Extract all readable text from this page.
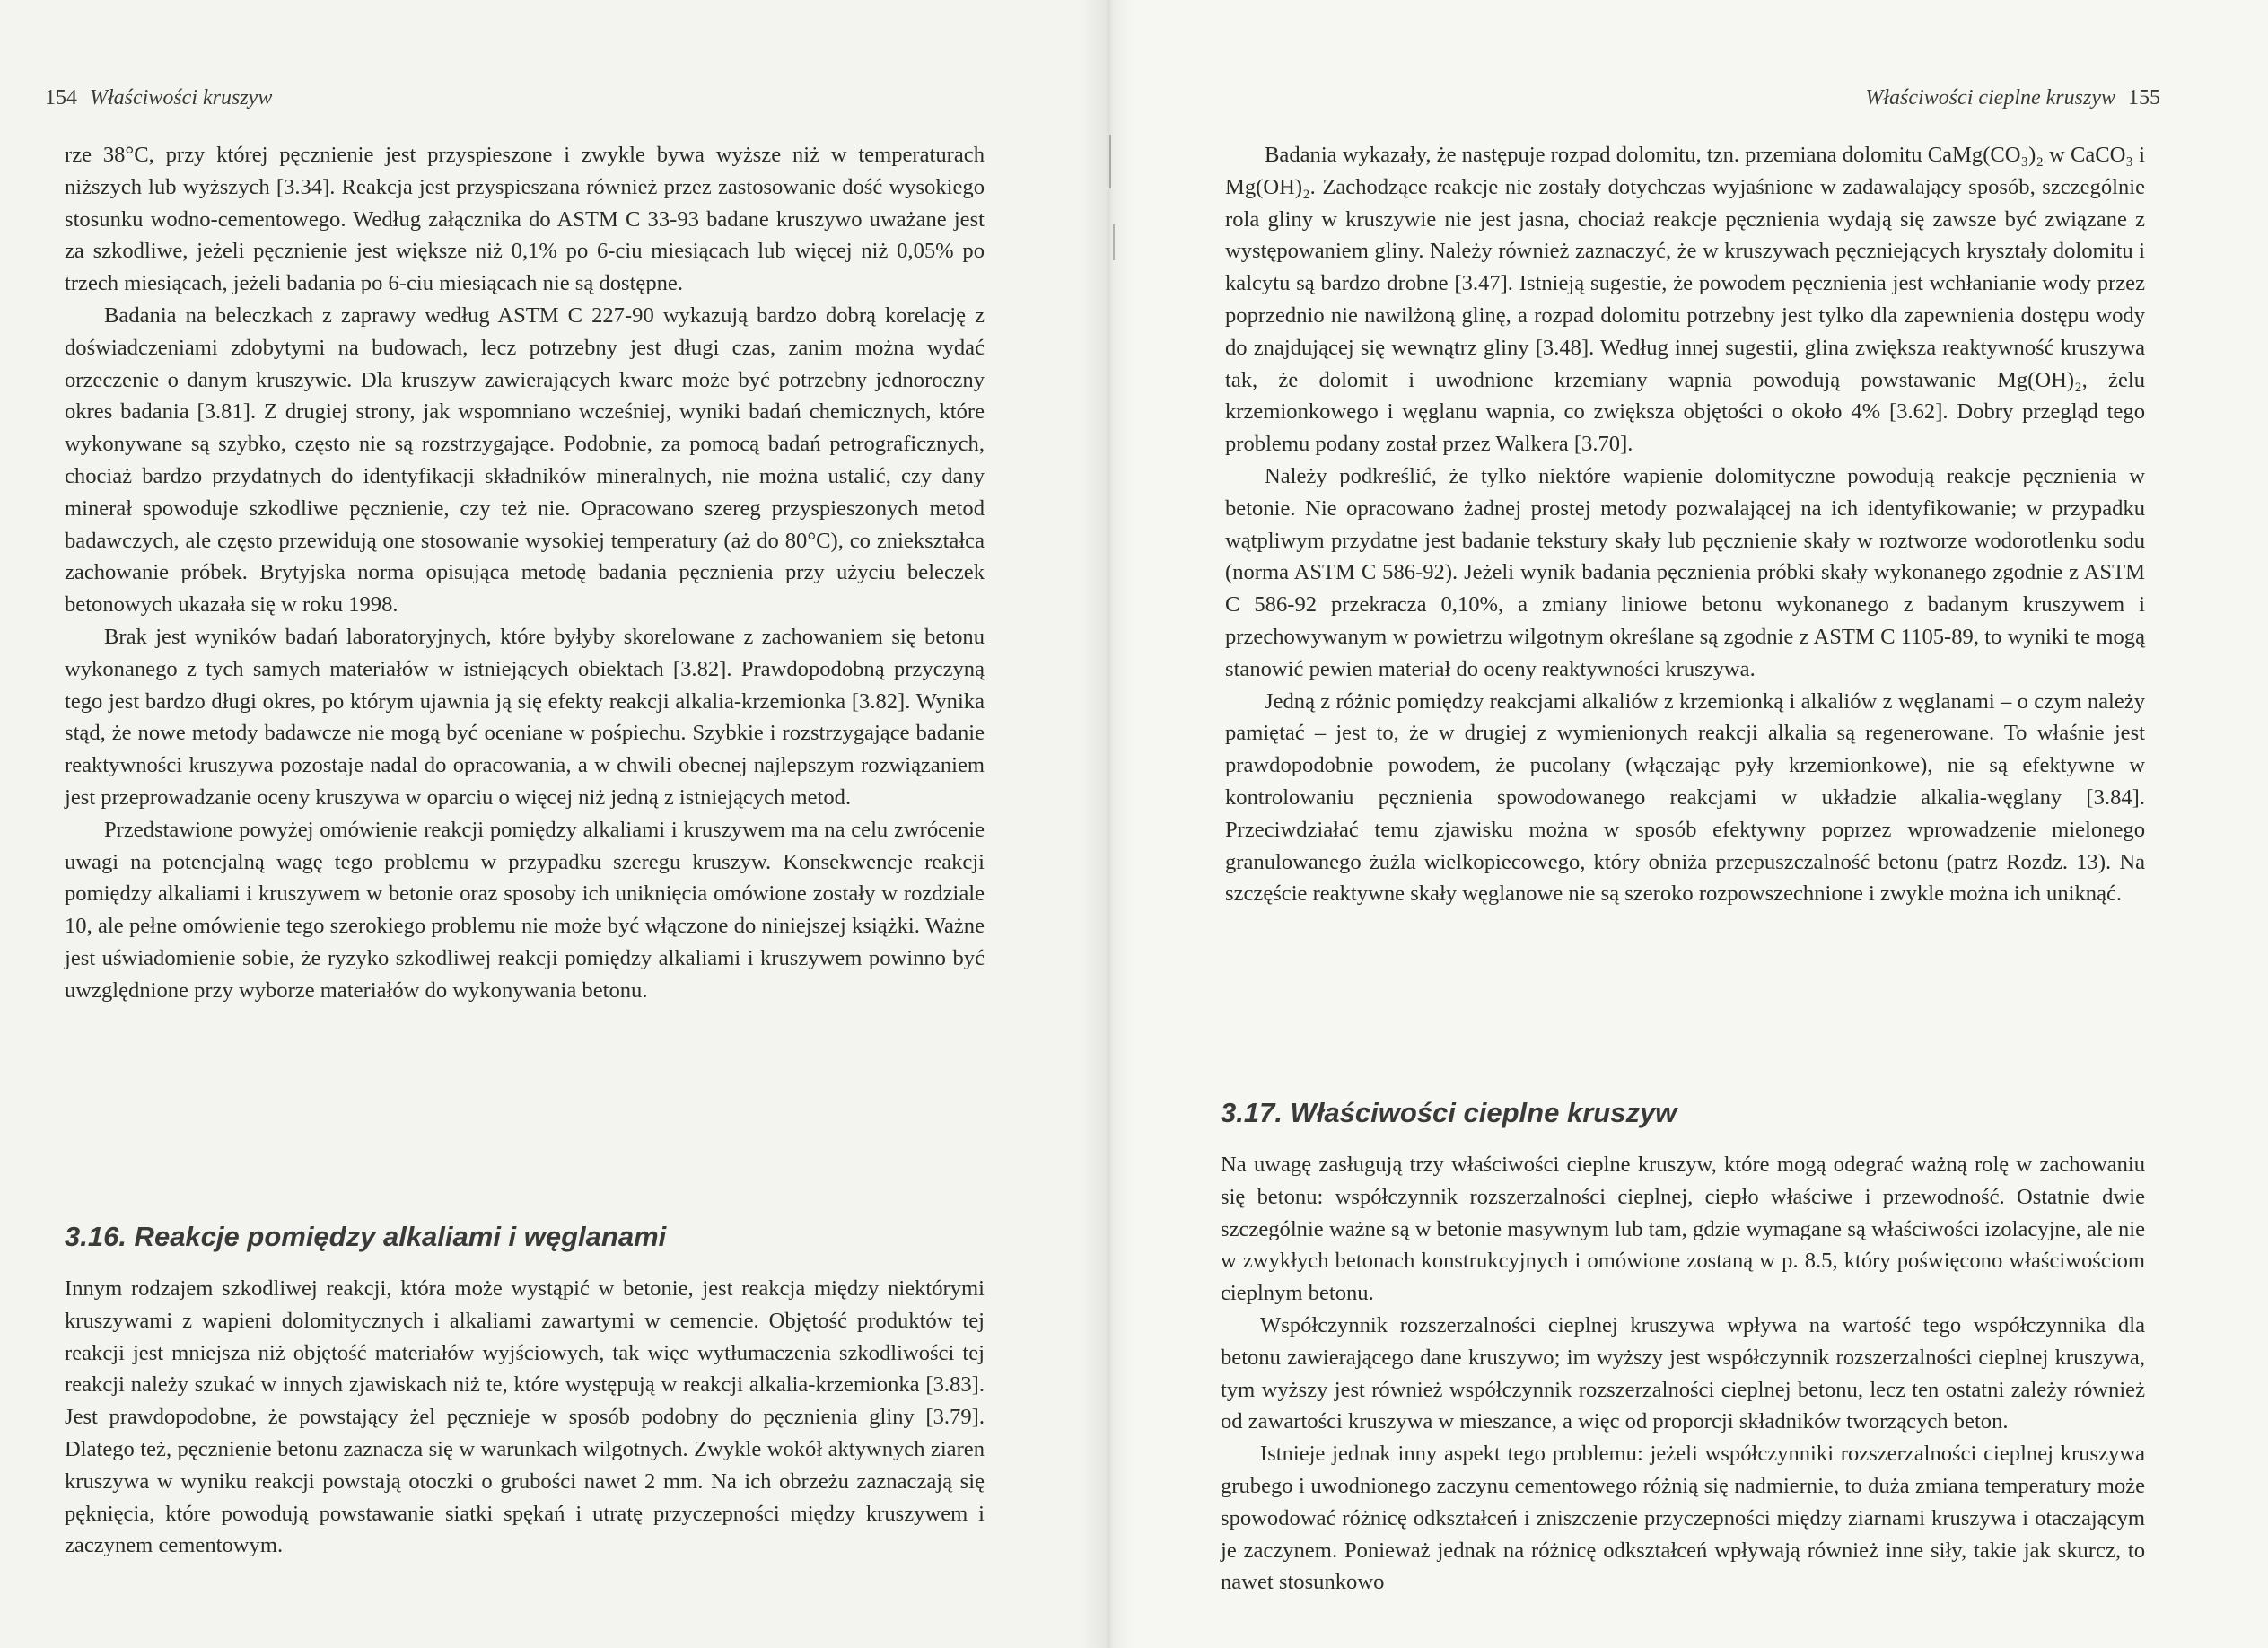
154 Właściwości kruszyw

rze 38°C, przy której pęcznienie jest przyspieszone i zwykle bywa wyższe niż w temperaturach niższych lub wyższych [3.34]. Reakcja jest przyspieszana również przez zastosowanie dość wysokiego stosunku wodno-cementowego. Według załącznika do ASTM C 33-93 badane kruszywo uważane jest za szkodliwe, jeżeli pęcznienie jest większe niż 0,1% po 6-ciu miesiącach lub więcej niż 0,05% po trzech miesiącach, jeżeli badania po 6-ciu miesiącach nie są dostępne.

Badania na beleczkach z zaprawy według ASTM C 227-90 wykazują bardzo dobrą korelację z doświadczeniami zdobytymi na budowach, lecz potrzebny jest długi czas, zanim można wydać orzeczenie o danym kruszywie. Dla kruszyw zawierających kwarc może być potrzebny jednoroczny okres badania [3.81]. Z drugiej strony, jak wspomniano wcześniej, wyniki badań chemicznych, które wykonywane są szybko, często nie są rozstrzygające. Podobnie, za pomocą badań petrograficznych, chociaż bardzo przydatnych do identyfikacji składników mineralnych, nie można ustalić, czy dany minerał spowoduje szkodliwe pęcznienie, czy też nie. Opracowano szereg przyspieszonych metod badawczych, ale często przewidują one stosowanie wysokiej temperatury (aż do 80°C), co zniekształca zachowanie próbek. Brytyjska norma opisująca metodę badania pęcznienia przy użyciu beleczek betonowych ukazała się w roku 1998.

Brak jest wyników badań laboratoryjnych, które byłyby skorelowane z zachowaniem się betonu wykonanego z tych samych materiałów w istniejących obiektach [3.82]. Prawdopodobną przyczyną tego jest bardzo długi okres, po którym ujawnia ją się efekty reakcji alkalia-krzemionka [3.82]. Wynika stąd, że nowe metody badawcze nie mogą być oceniane w pośpiechu. Szybkie i rozstrzygające badanie reaktywności kruszywa pozostaje nadal do opracowania, a w chwili obecnej najlepszym rozwiązaniem jest przeprowadzanie oceny kruszywa w oparciu o więcej niż jedną z istniejących metod.

Przedstawione powyżej omówienie reakcji pomiędzy alkaliami i kruszywem ma na celu zwrócenie uwagi na potencjalną wagę tego problemu w przypadku szeregu kruszyw. Konsekwencje reakcji pomiędzy alkaliami i kruszywem w betonie oraz sposoby ich uniknięcia omówione zostały w rozdziale 10, ale pełne omówienie tego szerokiego problemu nie może być włączone do niniejszej książki. Ważne jest uświadomienie sobie, że ryzyko szkodliwej reakcji pomiędzy alkaliami i kruszywem powinno być uwzględnione przy wyborze materiałów do wykonywania betonu.

3.16. Reakcje pomiędzy alkaliami i węglanami

Innym rodzajem szkodliwej reakcji, która może wystąpić w betonie, jest reakcja między niektórymi kruszywami z wapieni dolomitycznych i alkaliami zawartymi w cemencie. Objętość produktów tej reakcji jest mniejsza niż objętość materiałów wyjściowych, tak więc wytłumaczenia szkodliwości tej reakcji należy szukać w innych zjawiskach niż te, które występują w reakcji alkalia-krzemionka [3.83]. Jest prawdopodobne, że powstający żel pęcznieje w sposób podobny do pęcznienia gliny [3.79]. Dlatego też, pęcznienie betonu zaznacza się w warunkach wilgotnych. Zwykle wokół aktywnych ziaren kruszywa w wyniku reakcji powstają otoczki o grubości nawet 2 mm. Na ich obrzeżu zaznaczają się pęknięcia, które powodują powstawanie siatki spękań i utratę przyczepności między kruszywem i zaczynem cementowym.

Właściwości cieplne kruszyw 155

Badania wykazały, że następuje rozpad dolomitu, tzn. przemiana dolomitu CaMg(CO₃)₂ w CaCO₃ i Mg(OH)₂. Zachodzące reakcje nie zostały dotychczas wyjaśnione w zadawalający sposób, szczególnie rola gliny w kruszywie nie jest jasna, chociaż reakcje pęcznienia wydają się zawsze być związane z występowaniem gliny. Należy również zaznaczyć, że w kruszywach pęczniejących kryształy dolomitu i kalcytu są bardzo drobne [3.47]. Istnieją sugestie, że powodem pęcznienia jest wchłanianie wody przez poprzednio nie nawilżoną glinę, a rozpad dolomitu potrzebny jest tylko dla zapewnienia dostępu wody do znajdującej się wewnątrz gliny [3.48]. Według innej sugestii, glina zwiększa reaktywność kruszywa tak, że dolomit i uwodnione krzemiany wapnia powodują powstawanie Mg(OH)₂, żelu krzemionkowego i węglanu wapnia, co zwiększa objętości o około 4% [3.62]. Dobry przegląd tego problemu podany został przez Walkera [3.70].

Należy podkreślić, że tylko niektóre wapienie dolomityczne powodują reakcje pęcznienia w betonie. Nie opracowano żadnej prostej metody pozwalającej na ich identyfikowanie; w przypadku wątpliwym przydatne jest badanie tekstury skały lub pęcznienie skały w roztworze wodorotlenku sodu (norma ASTM C 586-92). Jeżeli wynik badania pęcznienia próbki skały wykonanego zgodnie z ASTM C 586-92 przekracza 0,10%, a zmiany liniowe betonu wykonanego z badanym kruszywem i przechowywanym w powietrzu wilgotnym określane są zgodnie z ASTM C 1105-89, to wyniki te mogą stanowić pewien materiał do oceny reaktywności kruszywa.

Jedną z różnic pomiędzy reakcjami alkaliów z krzemionką i alkaliów z węglanami – o czym należy pamiętać – jest to, że w drugiej z wymienionych reakcji alkalia są regenerowane. To właśnie jest prawdopodobnie powodem, że pucolany (włączając pyły krzemionkowe), nie są efektywne w kontrolowaniu pęcznienia spowodowanego reakcjami w układzie alkalia-węglany [3.84]. Przeciwdziałać temu zjawisku można w sposób efektywny poprzez wprowadzenie mielonego granulowanego żużla wielkopiecowego, który obniża przepuszczalność betonu (patrz Rozdz. 13). Na szczęście reaktywne skały węglanowe nie są szeroko rozpowszechnione i zwykle można ich uniknąć.

3.17. Właściwości cieplne kruszyw

Na uwagę zasługują trzy właściwości cieplne kruszyw, które mogą odegrać ważną rolę w zachowaniu się betonu: współczynnik rozszerzalności cieplnej, ciepło właściwe i przewodność. Ostatnie dwie szczególnie ważne są w betonie masywnym lub tam, gdzie wymagane są właściwości izolacyjne, ale nie w zwykłych betonach konstrukcyjnych i omówione zostaną w p. 8.5, który poświęcono właściwościom cieplnym betonu.

Współczynnik rozszerzalności cieplnej kruszywa wpływa na wartość tego współczynnika dla betonu zawierającego dane kruszywo; im wyższy jest współczynnik rozszerzalności cieplnej kruszywa, tym wyższy jest również współczynnik rozszerzalności cieplnej betonu, lecz ten ostatni zależy również od zawartości kruszywa w mieszance, a więc od proporcji składników tworzących beton.

Istnieje jednak inny aspekt tego problemu: jeżeli współczynniki rozszerzalności cieplnej kruszywa grubego i uwodnionego zaczynu cementowego różnią się nadmiernie, to duża zmiana temperatury może spowodować różnicę odkształceń i zniszczenie przyczepności między ziarnami kruszywa i otaczającym je zaczynem. Ponieważ jednak na różnicę odkształceń wpływają również inne siły, takie jak skurcz, to nawet stosunkowo
